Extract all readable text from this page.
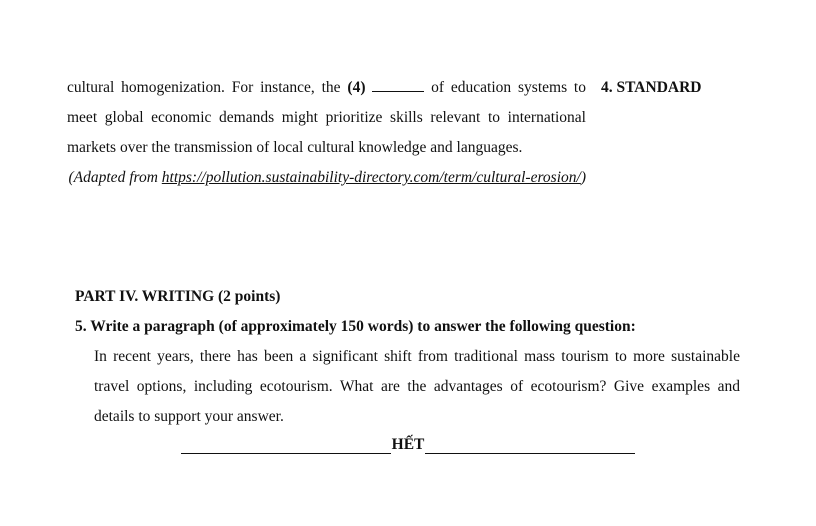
cultural homogenization. For instance, the (4)	of education systems to meet global economic demands might prioritize skills relevant to international markets over the transmission of local cultural knowledge and languages.

(Adapted from https://pollution.sustainability-directory.com/term/cultural-erosion/)

4. STANDARD

PART IV. WRITING (2 points)

5. Write a paragraph (of approximately 150 words) to answer the following question:

In recent years, there has been a significant shift from traditional mass tourism to more sustainable travel options, including ecotourism. What are the advantages of ecotourism? Give examples and details to support your answer.

HẾT
